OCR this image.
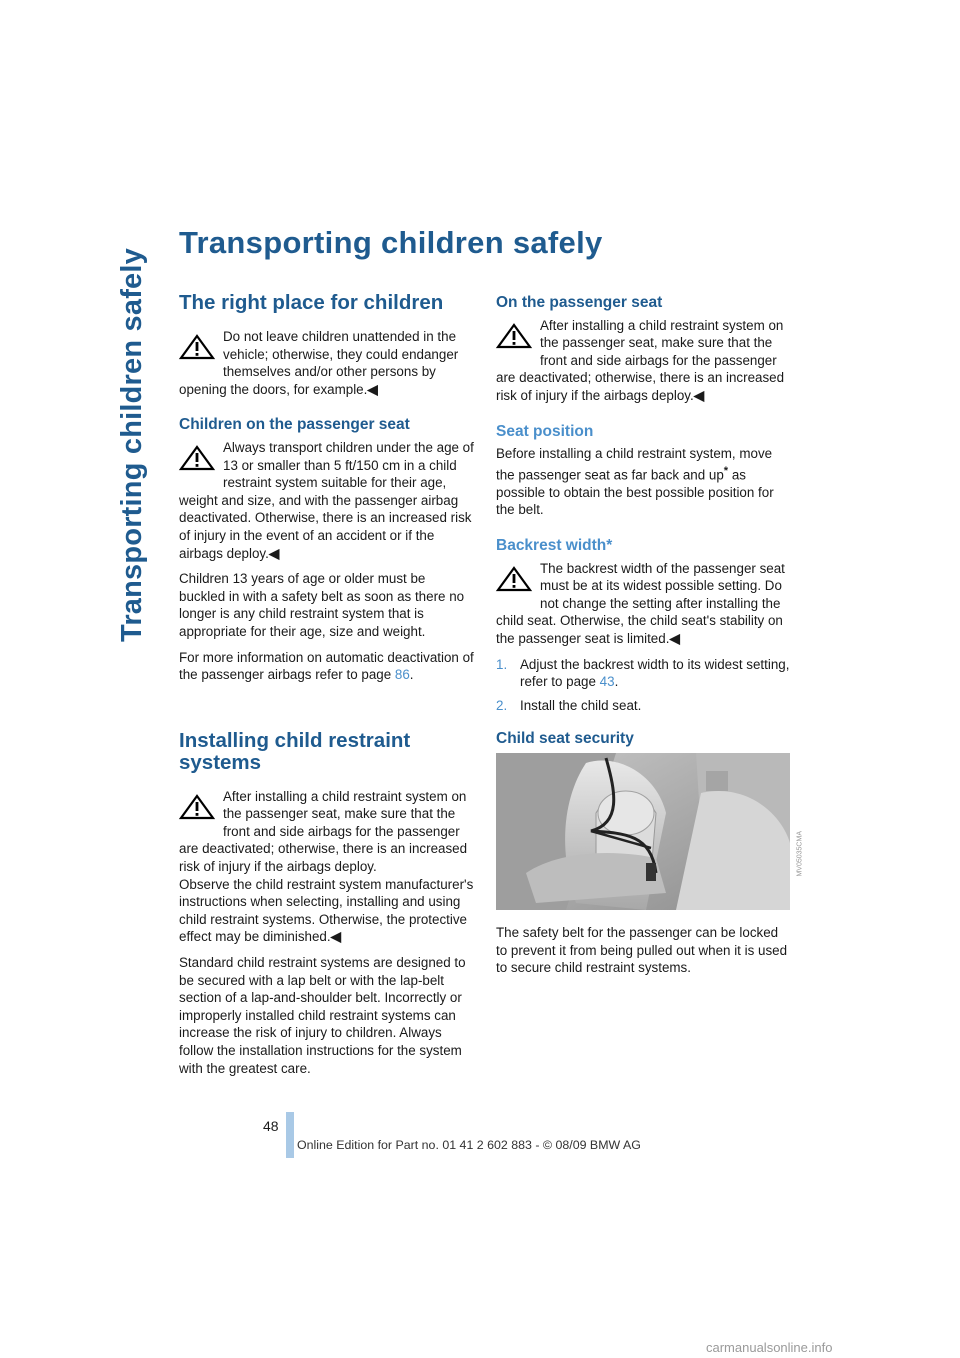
Transporting children safely
Transporting children safely
The right place for children
Do not leave children unattended in the vehicle; otherwise, they could endanger themselves and/or other persons by opening the doors, for example.◀
Children on the passenger seat
Always transport children under the age of 13 or smaller than 5 ft/150 cm in a child restraint system suitable for their age, weight and size, and with the passenger airbag deactivated. Otherwise, there is an increased risk of injury in the event of an accident or if the airbags deploy.◀

Children 13 years of age or older must be buckled in with a safety belt as soon as there no longer is any child restraint system that is appropriate for their age, size and weight.

For more information on automatic deactivation of the passenger airbags refer to page 86.

Installing child restraint systems
After installing a child restraint system on the passenger seat, make sure that the front and side airbags for the passenger are deactivated; otherwise, there is an increased risk of injury if the airbags deploy.
Observe the child restraint system manufacturer's instructions when selecting, installing and using child restraint systems. Otherwise, the protective effect may be diminished.◀

Standard child restraint systems are designed to be secured with a lap belt or with the lap-belt section of a lap-and-shoulder belt. Incorrectly or improperly installed child restraint systems can increase the risk of injury to children. Always follow the installation instructions for the system with the greatest care.

On the passenger seat
After installing a child restraint system on the passenger seat, make sure that the front and side airbags for the passenger are deactivated; otherwise, there is an increased risk of injury if the airbags deploy.◀
Seat position

Before installing a child restraint system, move the passenger seat as far back and up* as possible to obtain the best possible position for the belt.

Backrest width*
The backrest width of the passenger seat must be at its widest possible setting. Do not change the setting after installing the child seat. Otherwise, the child seat's stability on the passenger seat is limited.◀
1. Adjust the backrest width to its widest setting, refer to page 43.
2. Install the child seat.
Child seat security
MV05035CMA

The safety belt for the passenger can be locked to prevent it from being pulled out when it is used to secure child restraint systems.

48
Online Edition for Part no. 01 41 2 602 883 - © 08/09 BMW AG
carmanualsonline.info
